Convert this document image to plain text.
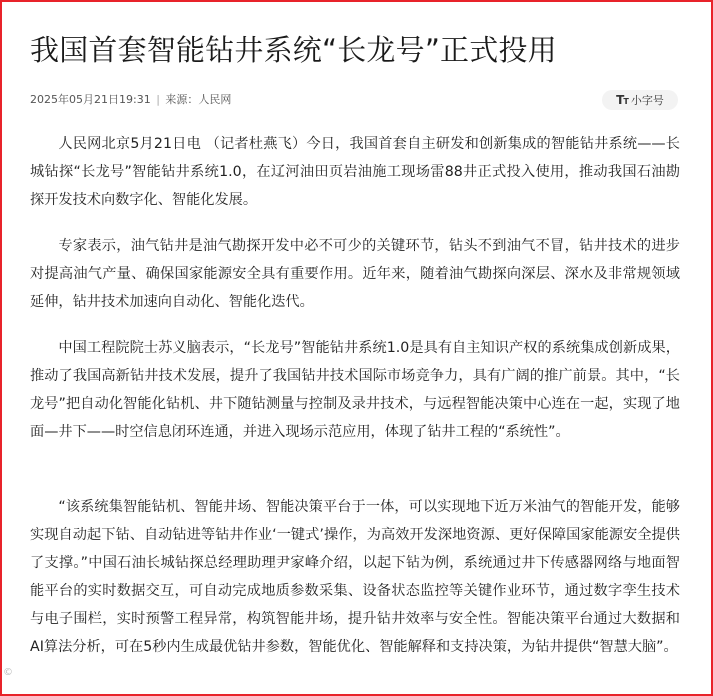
我国首套智能钻井系统“长龙号”正式投用
2025年05月21日19:31 | 来源：人民网	TT 小字号

人民网北京5月21日电 （记者杜燕飞）今日，我国首套自主研发和创新集成的智能钻井系统——长城钻探“长龙号”智能钻井系统1.0，在辽河油田页岩油施工现场雷88井正式投入使用，推动我国石油勘探开发技术向数字化、智能化发展。

专家表示，油气钻井是油气勘探开发中必不可少的关键环节，钻头不到油气不冒，钻井技术的进步对提高油气产量、确保国家能源安全具有重要作用。近年来，随着油气勘探向深层、深水及非常规领域延伸，钻井技术加速向自动化、智能化迭代。

中国工程院院士苏义脑表示，“长龙号”智能钻井系统1.0是具有自主知识产权的系统集成创新成果，推动了我国高新钻井技术发展，提升了我国钻井技术国际市场竞争力，具有广阔的推广前景。其中，“长龙号”把自动化智能化钻机、井下随钻测量与控制及录井技术，与远程智能决策中心连在一起，实现了地面—井下——时空信息闭环连通，并进入现场示范应用，体现了钻井工程的“系统性”。

“该系统集智能钻机、智能井场、智能决策平台于一体，可以实现地下近万米油气的智能开发，能够实现自动起下钻、自动钻进等钻井作业‘一键式’操作，为高效开发深地资源、更好保障国家能源安全提供了支撑。”中国石油长城钻探总经理助理尹家峰介绍，以起下钻为例，系统通过井下传感器网络与地面智能平台的实时数据交互，可自动完成地质参数采集、设备状态监控等关键作业环节，通过数字孪生技术与电子围栏，实时预警工程异常，构筑智能井场，提升钻井效率与安全性。智能决策平台通过大数据和AI算法分析，可在5秒内生成最优钻井参数，智能优化、智能解释和支持决策，为钻井提供“智慧大脑”。

©
